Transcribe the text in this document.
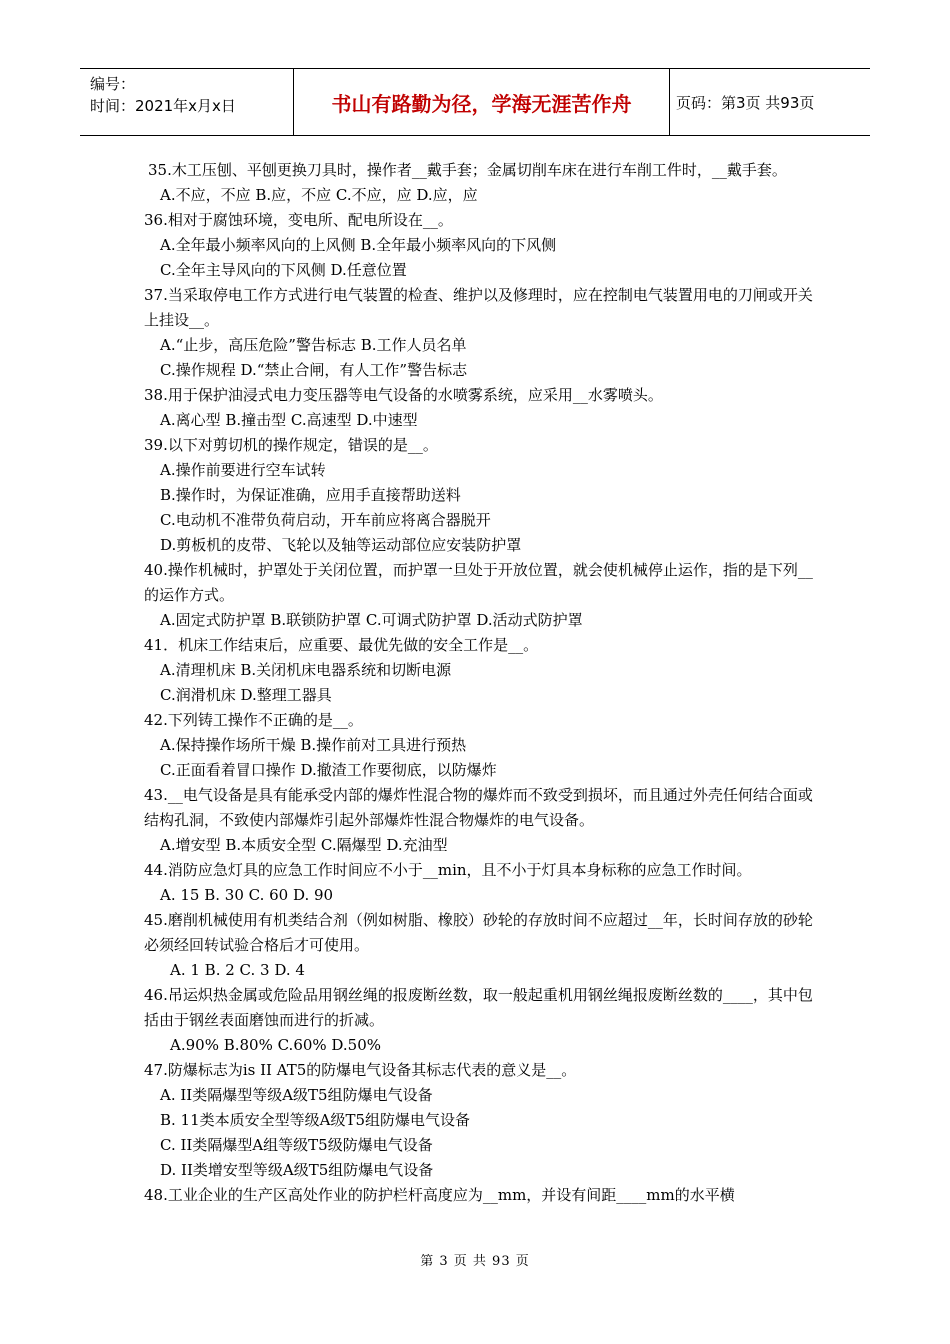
编号：
时间：2021年x月x日	书山有路勤为径，学海无涯苦作舟	页码：第3页 共93页

35.木工压刨、平刨更换刀具时，操作者__戴手套；金属切削车床在进行车削工件时，__戴手套。

A.不应，不应 B.应，不应 C.不应，应 D.应，应

36.相对于腐蚀环境，变电所、配电所设在__。

A.全年最小频率风向的上风侧 B.全年最小频率风向的下风侧

C.全年主导风向的下风侧 D.任意位置

37.当采取停电工作方式进行电气装置的检查、维护以及修理时，应在控制电气装置用电的刀闸或开关上挂设__。

A.“止步，高压危险”警告标志 B.工作人员名单

C.操作规程 D.“禁止合闸，有人工作”警告标志

38.用于保护油浸式电力变压器等电气设备的水喷雾系统，应采用__水雾喷头。

A.离心型 B.撞击型 C.高速型 D.中速型

39.以下对剪切机的操作规定，错误的是__。

A.操作前要进行空车试转

B.操作时，为保证准确，应用手直接帮助送料

C.电动机不准带负荷启动，开车前应将离合器脱开

D.剪板机的皮带、飞轮以及轴等运动部位应安装防护罩

40.操作机械时，护罩处于关闭位置，而护罩一旦处于开放位置，就会使机械停止运作，指的是下列__的运作方式。

A.固定式防护罩 B.联锁防护罩 C.可调式防护罩 D.活动式防护罩

41．机床工作结束后，应重要、最优先做的安全工作是__。

A.清理机床 B.关闭机床电器系统和切断电源

C.润滑机床 D.整理工器具

42.下列铸工操作不正确的是__。

A.保持操作场所干燥 B.操作前对工具进行预热

C.正面看着冒口操作 D.撤渣工作要彻底，以防爆炸

43.__电气设备是具有能承受内部的爆炸性混合物的爆炸而不致受到损坏，而且通过外壳任何结合面或结构孔洞，不致使内部爆炸引起外部爆炸性混合物爆炸的电气设备。

A.增安型 B.本质安全型 C.隔爆型 D.充油型

44.消防应急灯具的应急工作时间应不小于__min，且不小于灯具本身标称的应急工作时间。

A. 15 B. 30 C. 60 D. 90

45.磨削机械使用有机类结合剂（例如树脂、橡胶）砂轮的存放时间不应超过__年，长时间存放的砂轮必须经回转试验合格后才可使用。

A. 1 B. 2 C. 3 D. 4

46.吊运炽热金属或危险品用钢丝绳的报废断丝数，取一般起重机用钢丝绳报废断丝数的____，其中包括由于钢丝表面磨蚀而进行的折减。

A.90% B.80% C.60% D.50%

47.防爆标志为is II AT5的防爆电气设备其标志代表的意义是__。

A. II类隔爆型等级A级T5组防爆电气设备

B. 11类本质安全型等级A级T5组防爆电气设备

C. II类隔爆型A组等级T5级防爆电气设备

D. II类增安型等级A级T5组防爆电气设备

48.工业企业的生产区高处作业的防护栏杆高度应为__mm，并设有间距____mm的水平横

第 3 页 共 93 页
